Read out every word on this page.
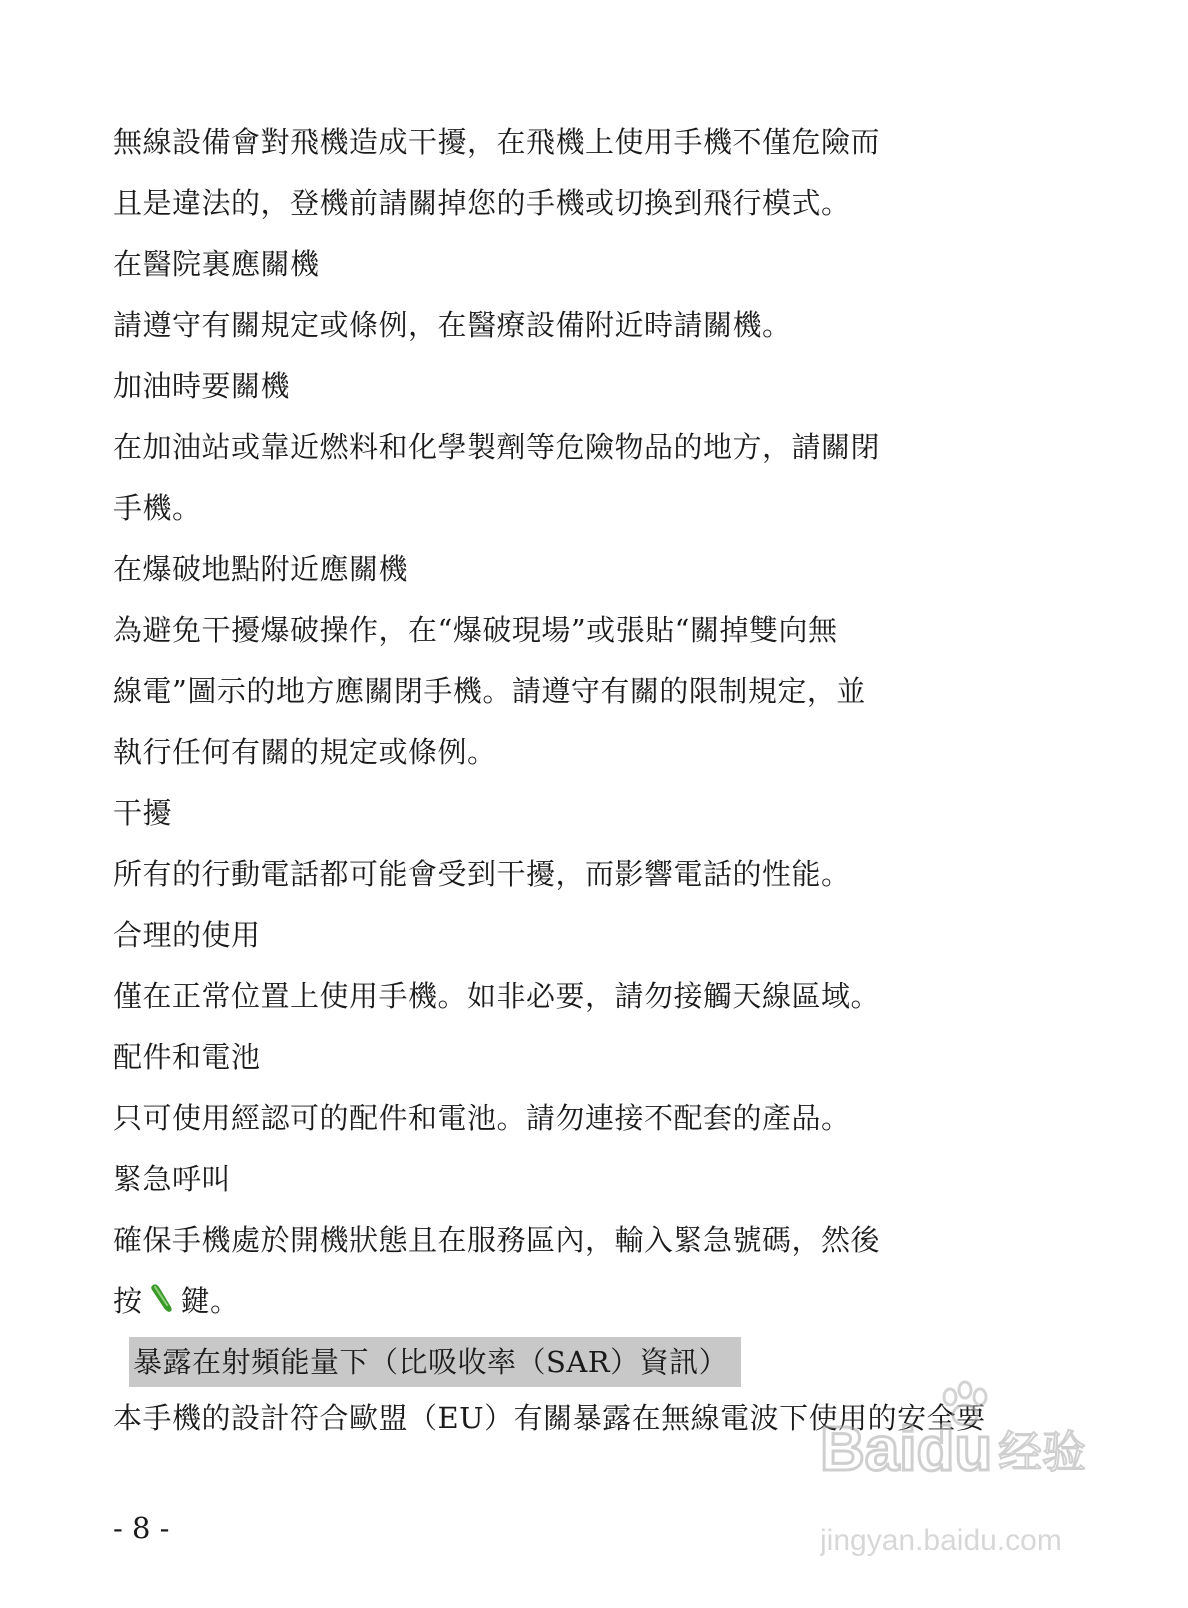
無線設備會對飛機造成干擾，在飛機上使用手機不僅危險而
且是違法的，登機前請關掉您的手機或切換到飛行模式。
在醫院裏應關機
請遵守有關規定或條例，在醫療設備附近時請關機。
加油時要關機
在加油站或靠近燃料和化學製劑等危險物品的地方，請關閉
手機。
在爆破地點附近應關機
為避免干擾爆破操作，在“爆破現場”或張貼“關掉雙向無
線電”圖示的地方應關閉手機。請遵守有關的限制規定，並
執行任何有關的規定或條例。
干擾
所有的行動電話都可能會受到干擾，而影響電話的性能。
合理的使用
僅在正常位置上使用手機。如非必要，請勿接觸天線區域。
配件和電池
只可使用經認可的配件和電池。請勿連接不配套的產品。
緊急呼叫
確保手機處於開機狀態且在服務區內，輸入緊急號碼，然後
按 鍵。
暴露在射頻能量下（比吸收率（SAR）資訊）
本手機的設計符合歐盟（EU）有關暴露在無線電波下使用的安全要
- 8 -
Baidu 经验
jingyan.baidu.com
